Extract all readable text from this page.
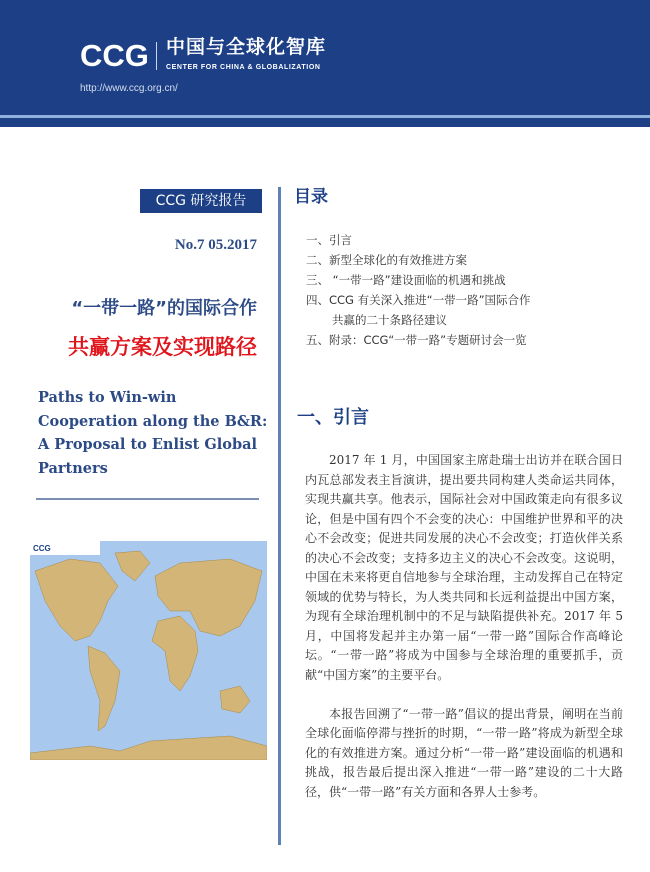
CCG 中国与全球化智库
CENTER FOR CHINA & GLOBALIZATION
http://www.ccg.org.cn/
CCG 研究报告
No.7 05.2017
“一带一路”的国际合作
共赢方案及实现路径
Paths to Win-win Cooperation along the B&R: A Proposal to Enlist Global Partners
CCG
目录
一、引言
二、新型全球化的有效推进方案
三、 “一带一路”建设面临的机遇和挑战
四、CCG 有关深入推进“一带一路”国际合作
共赢的二十条路径建议
五、附录：CCG“一带一路”专题研讨会一览
一、引言

2017 年 1 月，中国国家主席赴瑞士出访并在联合国日内瓦总部发表主旨演讲，提出要共同构建人类命运共同体，实现共赢共享。他表示，国际社会对中国政策走向有很多议论，但是中国有四个不会变的决心：中国维护世界和平的决心不会改变；促进共同发展的决心不会改变；打造伙伴关系的决心不会改变；支持多边主义的决心不会改变。这说明，中国在未来将更自信地参与全球治理，主动发挥自己在特定领域的优势与特长，为人类共同和长远利益提出中国方案，为现有全球治理机制中的不足与缺陷提供补充。2017 年 5 月，中国将发起并主办第一届“一带一路”国际合作高峰论坛。“一带一路”将成为中国参与全球治理的重要抓手，贡献“中国方案”的主要平台。

本报告回溯了“一带一路”倡议的提出背景，阐明在当前全球化面临停滞与挫折的时期，“一带一路”将成为新型全球化的有效推进方案。通过分析“一带一路”建设面临的机遇和挑战，报告最后提出深入推进“一带一路”建设的二十大路径，供“一带一路”有关方面和各界人士参考。
